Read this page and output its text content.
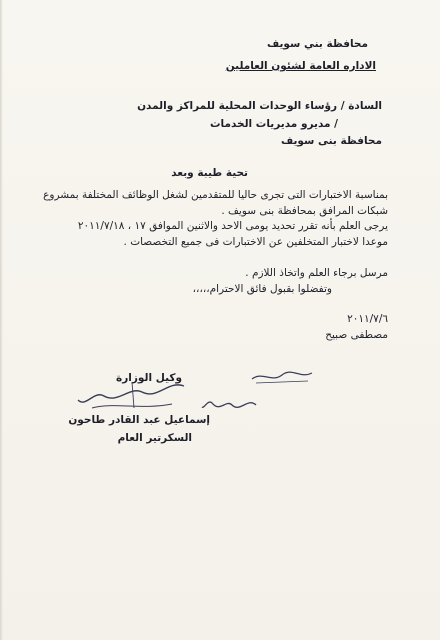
محافظة بني سويف
الاداره العامة لشئون العاملين
السادة / رؤساء الوحدات المحلية للمراكز والمدن
/ مديرو مديريات الخدمات
محافظة بنى سويف
تحية طيبة وبعد
بمناسبة الاختبارات التى تجرى حاليا للمتقدمين لشغل الوظائف المختلفة بمشروع
شبكات المرافق بمحافظة بنى سويف .
يرجى العلم بأنه تقرر تحديد يومى الاحد والاثنين الموافق ١٧ ، ٢٠١١/٧/١٨
موعدا لاختبار المتخلفين عن الاختبارات فى جميع التخصصات .
مرسل برجاء العلم واتخاذ اللازم .
وتفضلوا بقبول فائق الاحترام،،،،،
٢٠١١/٧/٦
مصطفى صبيح
وكيل الوزارة
إسماعيل عبد القادر طاحون
السكرتير العام
